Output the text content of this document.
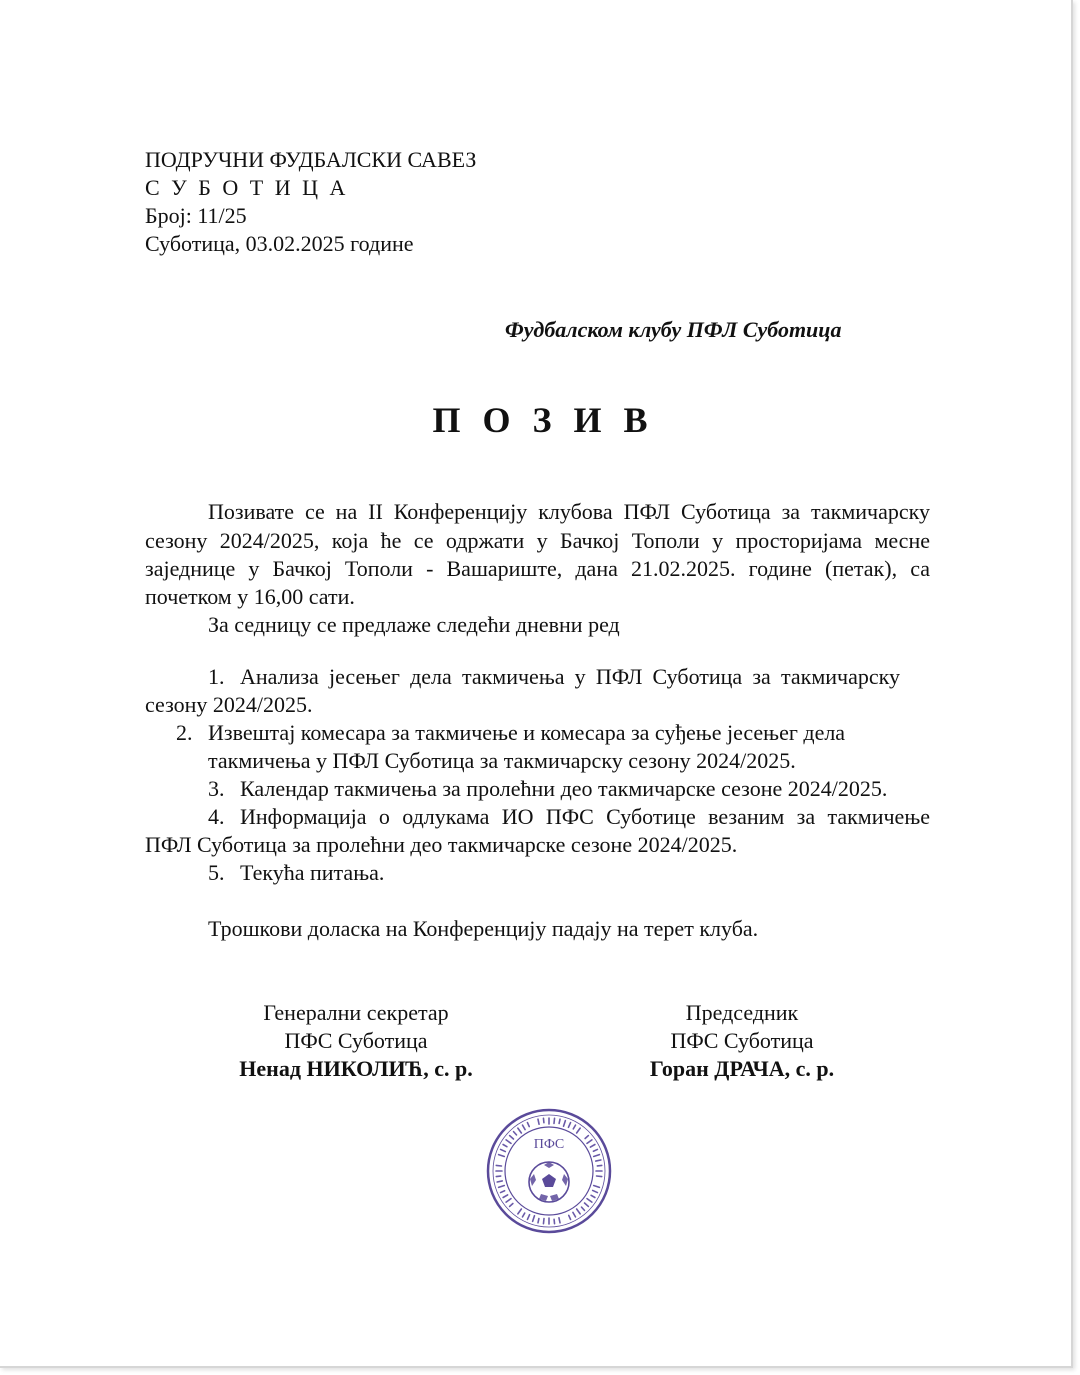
ПОДРУЧНИ ФУДБАЛСКИ САВЕЗ
С У Б О Т И Ц А
Број: 11/25
Суботица, 03.02.2025 године
Фудбалском клубу ПФЛ Суботица
ПОЗИВ
Позивате се на II Конференцију клубова ПФЛ Суботица за такмичарску
сезону 2024/2025, која ће се одржати у Бачкој Тополи у просторијама месне
заједнице у Бачкој Тополи - Вашариште, дана 21.02.2025. године (петак), са
почетком у 16,00 сати.
За седницу се предлаже следећи дневни ред
1. Анализа јесењег дела такмичења у ПФЛ Суботица за такмичарску
сезону 2024/2025.
2. Извештај комесара за такмичење и комесара за суђење јесењег дела
такмичења у ПФЛ Суботица за такмичарску сезону 2024/2025.
3. Календар такмичења за пролећни део такмичарске сезоне 2024/2025.
4. Информација о одлукама ИО ПФС Суботице везаним за такмичење
ПФЛ Суботица за пролећни део такмичарске сезоне 2024/2025.
5. Текућа питања.
Трошкови доласка на Конференцију падају на терет клуба.
Генерални секретар
ПФС Суботица
Ненад НИКОЛИЋ, с. р.
Председник
ПФС Суботица
Горан ДРАЧА, с. р.
ПФС
